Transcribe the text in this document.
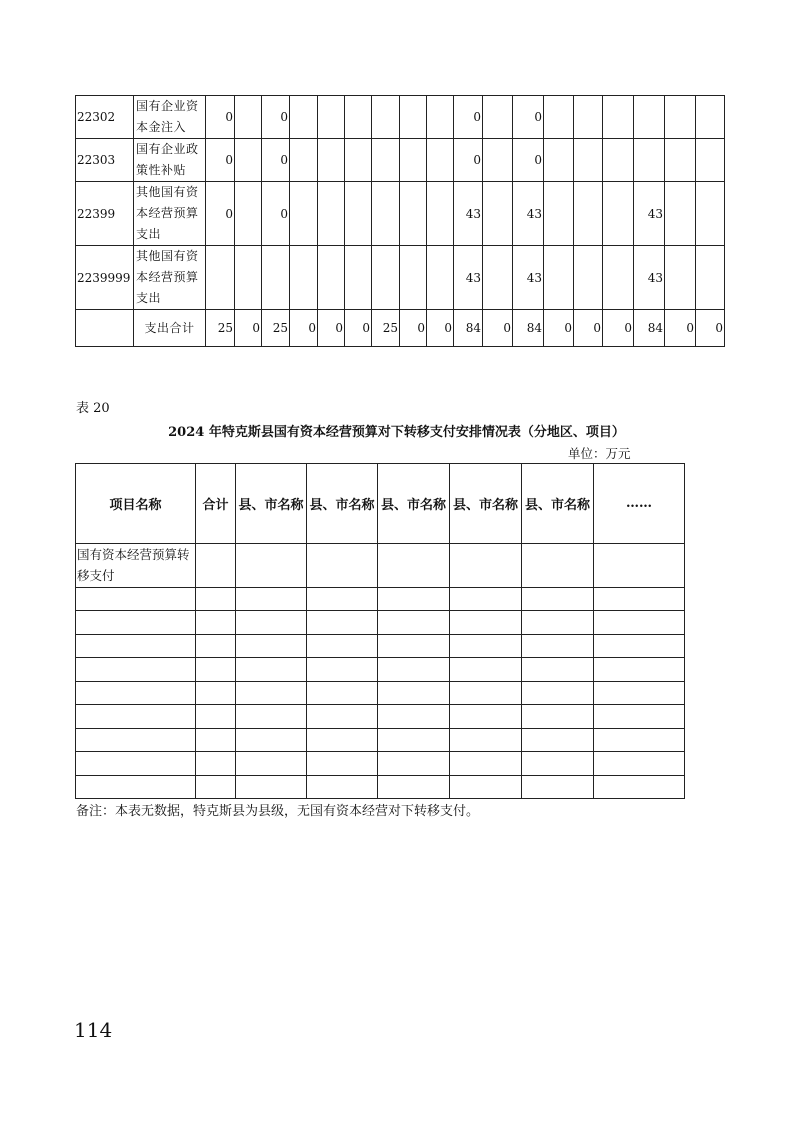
22302	国有企业资本金注入	0		0							0		0						
22303	国有企业政策性补贴	0		0							0		0						
22399	其他国有资本经营预算支出	0		0							43		43				43		
2239999	其他国有资本经营预算支出										43		43				43		
	支出合计	25	0	25	0	0	0	25	0	0	84	0	84	0	0	0	84	0	0
表 20
2024 年特克斯县国有资本经营预算对下转移支付安排情况表（分地区、项目）
单位：万元
项目名称	合计	县、市名称	县、市名称	县、市名称	县、市名称	县、市名称	……
国有资本经营预算转移支付							

备注：本表无数据，特克斯县为县级，无国有资本经营对下转移支付。
114
